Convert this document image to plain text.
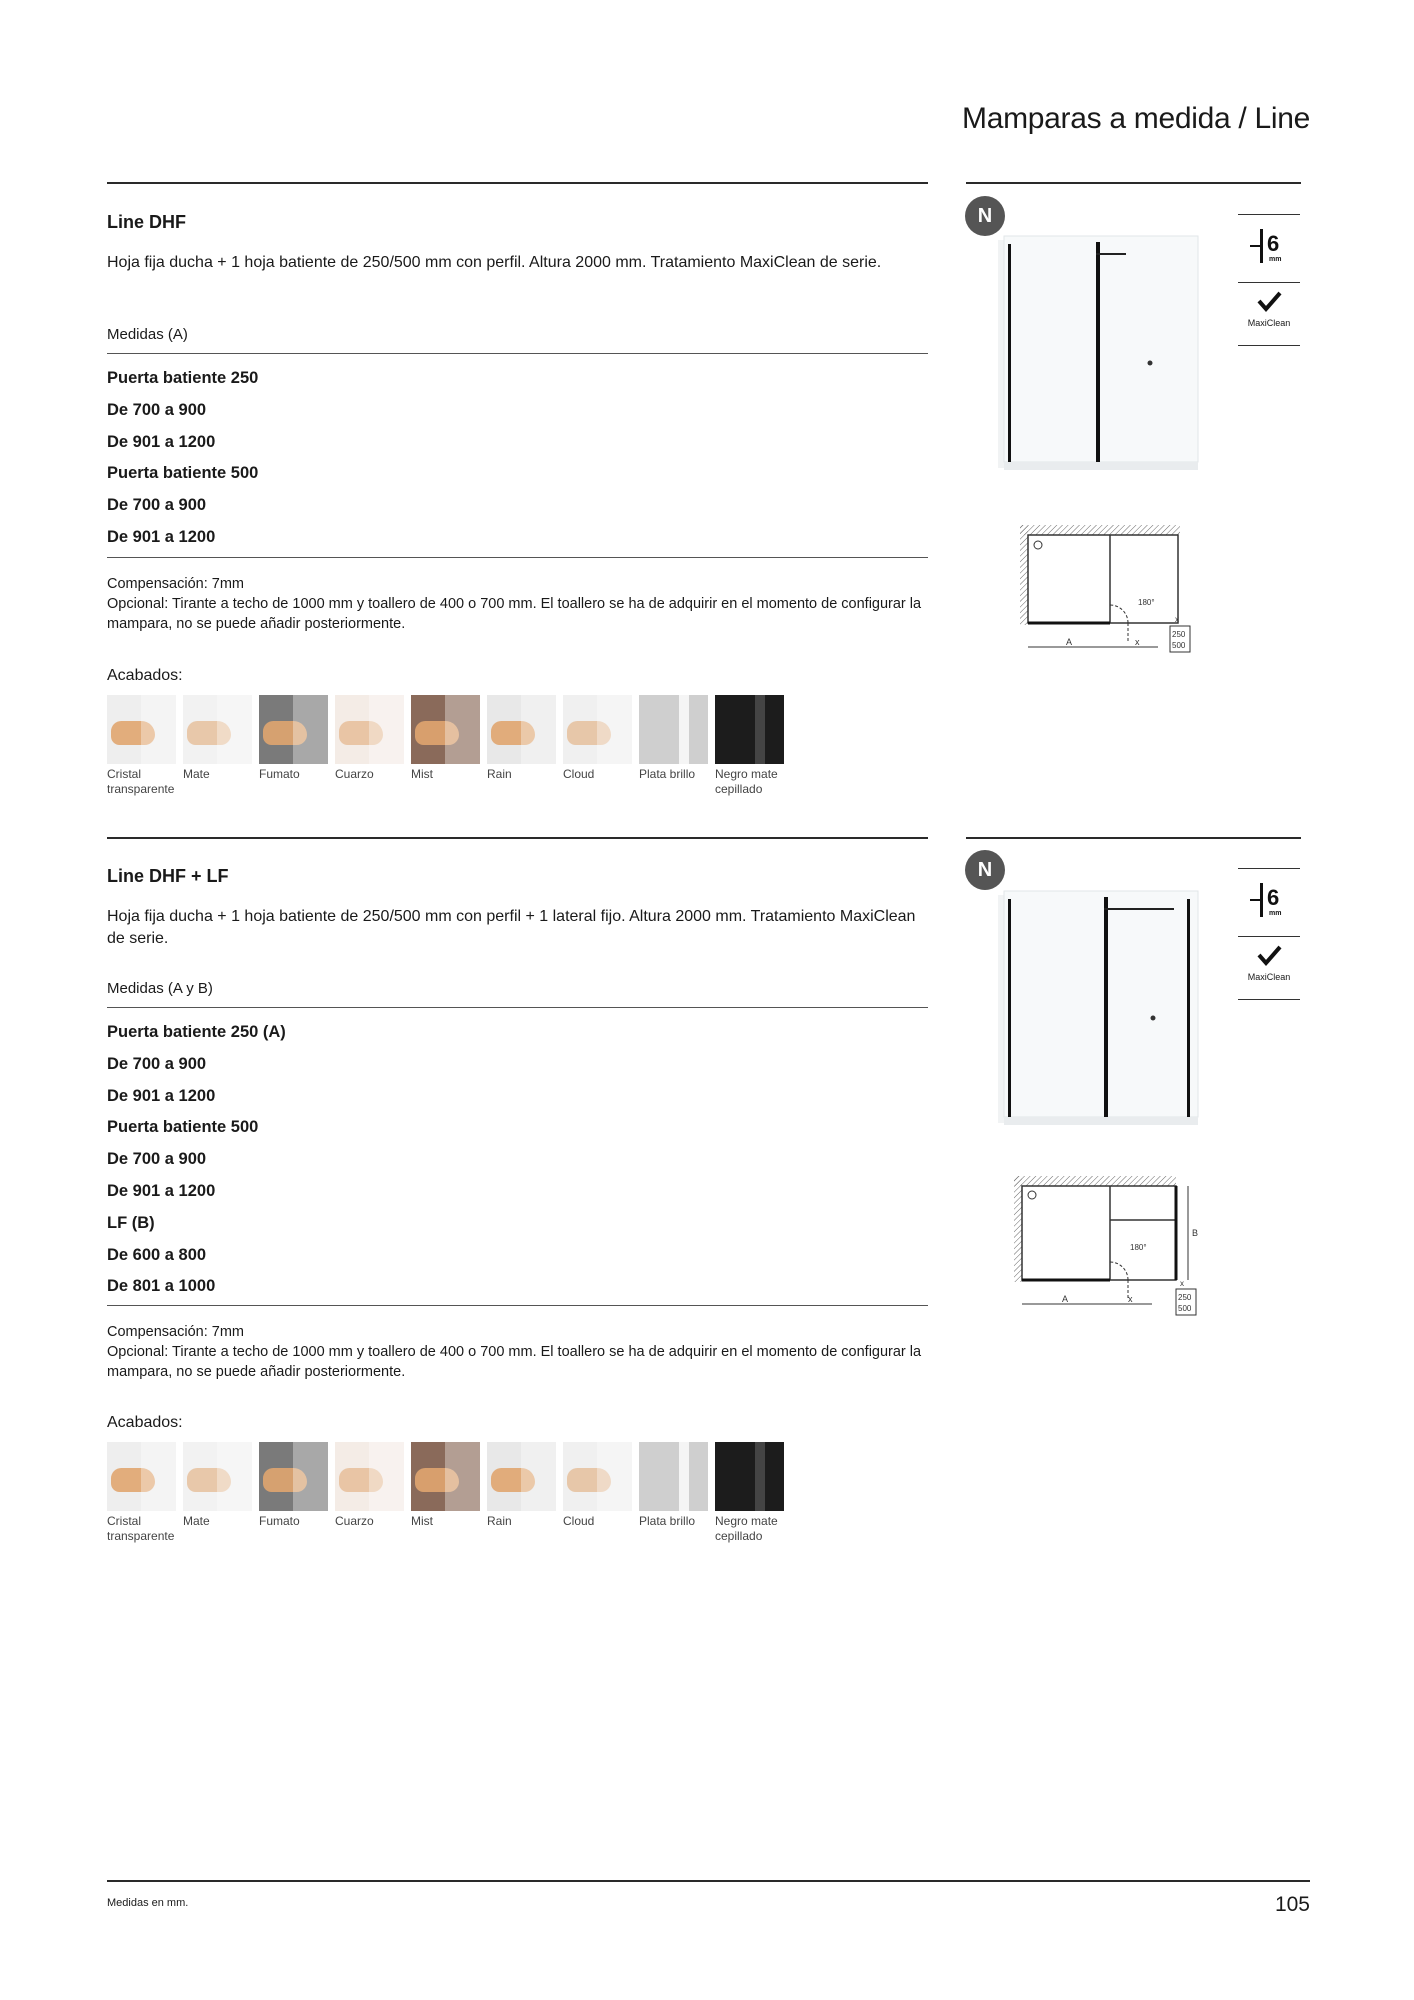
Mamparas a medida / Line
Line DHF
Hoja fija ducha + 1 hoja batiente de 250/500 mm con perfil. Altura 2000 mm. Tratamiento MaxiClean de serie.
Medidas (A)
Puerta batiente 250
De 700 a 900
De 901 a 1200
Puerta batiente 500
De 700 a 900
De 901 a 1200
Compensación: 7mm
Opcional: Tirante a techo de 1000 mm y toallero de 400 o 700 mm. El toallero se ha de adquirir en el momento de configurar la mampara, no se puede añadir posteriormente.
Acabados:
Cristal
transparente
Mate	Fumato	Cuarzo	Mist	Rain	Cloud	Plata brillo	Negro mate
cepillado
N
6
mm
MaxiClean
180°
A	x
x
250
500
Line DHF + LF
Hoja fija ducha + 1 hoja batiente de 250/500 mm con perfil + 1 lateral fijo. Altura 2000 mm. Tratamiento MaxiClean de serie.
Medidas (A y B)
Puerta batiente 250 (A)
De 700 a 900
De 901 a 1200
Puerta batiente 500
De 700 a 900
De 901 a 1200
LF (B)
De 600 a 800
De 801 a 1000
Compensación: 7mm
Opcional: Tirante a techo de 1000 mm y toallero de 400 o 700 mm. El toallero se ha de adquirir en el momento de configurar la mampara, no se puede añadir posteriormente.
Acabados:
Cristal
transparente
Mate	Fumato	Cuarzo	Mist	Rain	Cloud	Plata brillo	Negro mate
cepillado
N
6
mm
MaxiClean
180°
B
A	x
x
250
500
Medidas en mm.	105
